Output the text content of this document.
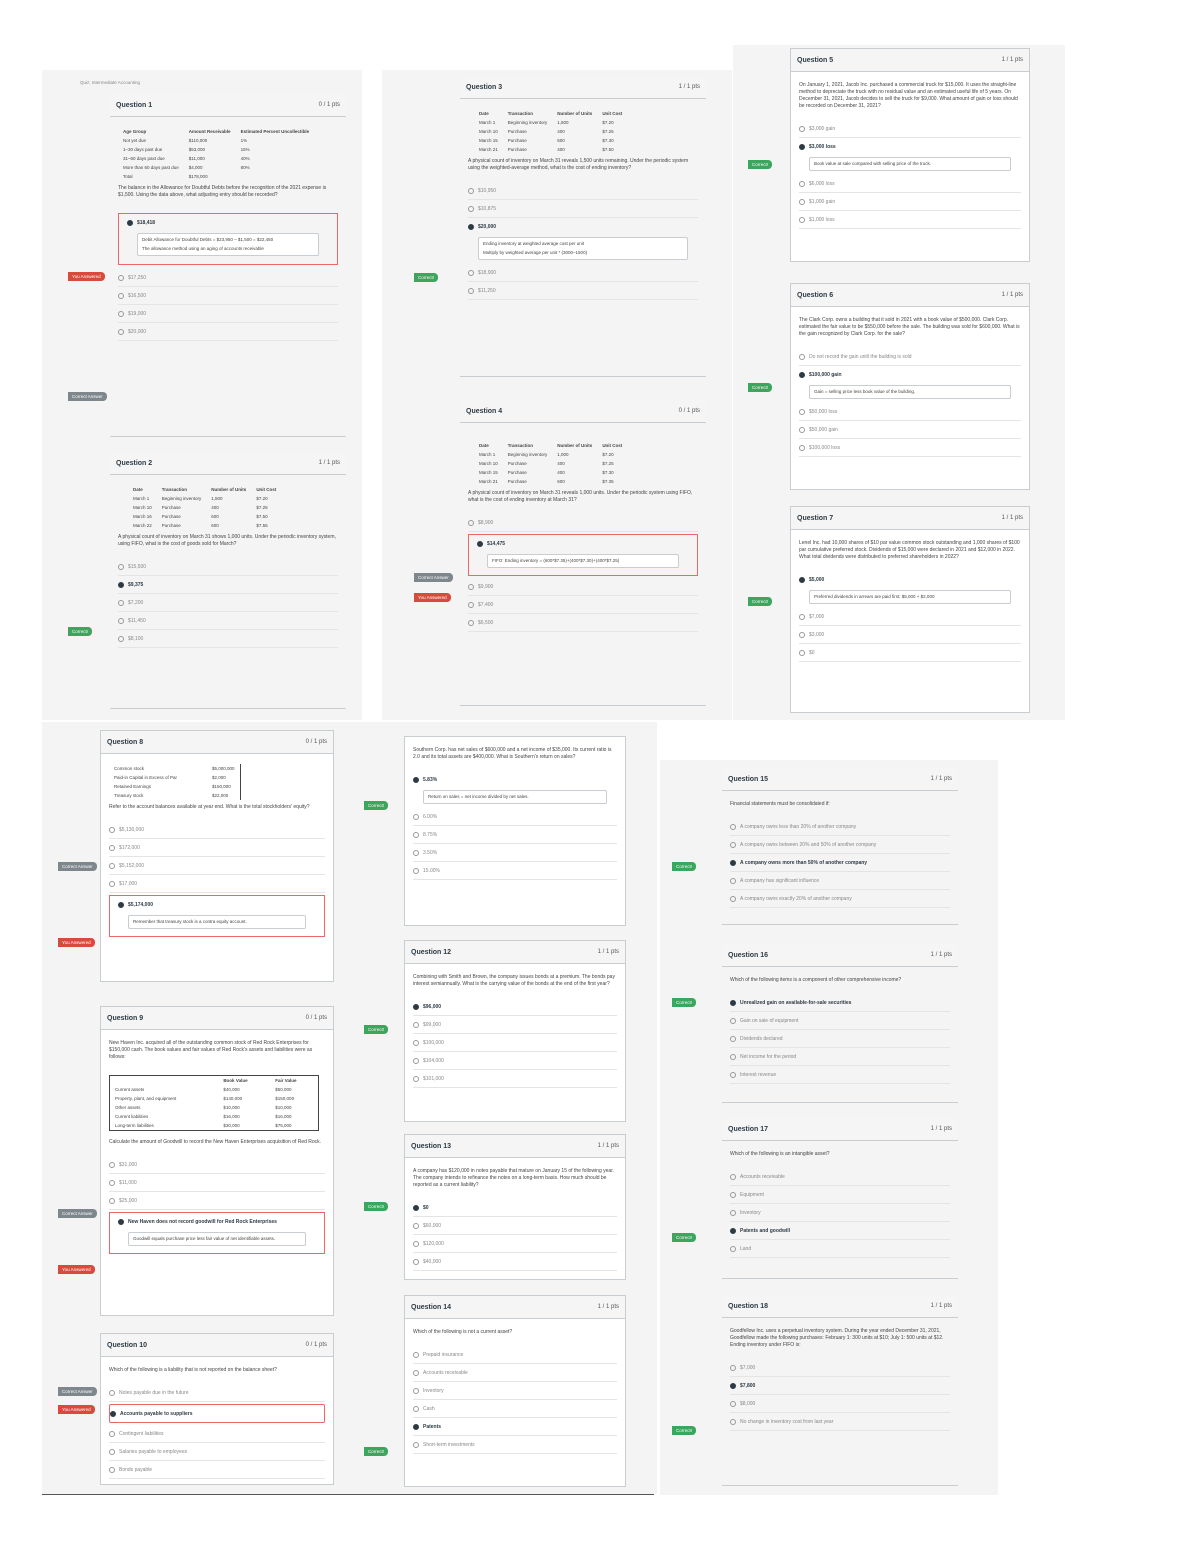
Quiz: Intermediate Accounting
Question 1	0 / 1 pts
Age Group	Amount Receivable	Estimated Percent Uncollectible
Not yet due	$110,000	1%
1–30 days past due	$53,000	15%
31–60 days past due	$11,000	40%
More than 60 days past due	$4,000	80%
Total	$178,000	
The balance in the Allowance for Doubtful Debts before the recognition of the 2021 expense is $1,500. Using the data above, what adjusting entry should be recorded?
$18,418
Debit Allowance for Doubtful Debts = $23,950 – $1,500 = $22,450
The allowance method using an aging of accounts receivable
$17,250
$16,500
$19,000
$20,000
You Answered
Correct Answer
Question 2	1 / 1 pts
Date	Transaction	Number of Units	Unit Cost
March 1	Beginning inventory	1,500	$7.20
March 10	Purchase	400	$7.25
March 16	Purchase	600	$7.50
March 22	Purchase	600	$7.55
A physical count of inventory on March 31 shows 1,000 units. Under the periodic inventory system, using FIFO, what is the cost of goods sold for March?
$15,500
$9,375
$7,200
$11,450
$8,100
Correct!
Question 3	1 / 1 pts
Date	Transaction	Number of Units	Unit Cost
March 1	Beginning inventory	1,500	$7.20
March 10	Purchase	400	$7.25
March 15	Purchase	600	$7.30
March 21	Purchase	400	$7.50
A physical count of inventory on March 31 reveals 1,500 units remaining. Under the periodic system using the weighted-average method, what is the cost of ending inventory?
$10,950
$10,875
$20,000
Ending inventory at weighted average cost per unit
Multiply by weighted average per unit * (3000–1500)
$18,900
$11,250
Correct!
Question 4	0 / 1 pts
Date	Transaction	Number of Units	Unit Cost
March 1	Beginning inventory	1,000	$7.20
March 10	Purchase	400	$7.25
March 15	Purchase	400	$7.30
March 21	Purchase	600	$7.35
A physical count of inventory on March 31 reveals 1,000 units. Under the periodic system using FIFO, what is the cost of ending inventory at March 31?
$8,900
$14,475
FIFO: Ending inventory = (600*$7.35)+(400*$7.30)+(400*$7.25)
$9,900
$7,400
$6,500
Correct Answer
You Answered
Question 5	1 / 1 pts
On January 1, 2021, Jacob Inc. purchased a commercial truck for $15,000. It uses the straight-line method to depreciate the truck with no residual value and an estimated useful life of 5 years. On December 31, 2021, Jacob decides to sell the truck for $9,000. What amount of gain or loss should be recorded on December 31, 2021?
$3,000 gain
$3,000 loss
Book value at sale compared with selling price of the truck.
$6,000 loss
$1,000 gain
$1,000 loss
Correct!
Question 6	1 / 1 pts
The Clark Corp. owns a building that it sold in 2021 with a book value of $500,000. Clark Corp. estimated the fair value to be $550,000 before the sale. The building was sold for $600,000. What is the gain recognized by Clark Corp. for the sale?
Do not record the gain until the building is sold
$100,000 gain
Gain = selling price less book value of the building.
$50,000 loss
$50,000 gain
$100,000 loss
Correct!
Question 7	1 / 1 pts
Lenel Inc. had 10,000 shares of $10 par value common stock outstanding and 1,000 shares of $100 par cumulative preferred stock. Dividends of $15,000 were declared in 2021 and $12,000 in 2022. What total dividends were distributed to preferred shareholders in 2022?
$5,000
Preferred dividends in arrears are paid first: $5,000 + $2,000
$7,000
$3,000
$0
Correct!
Question 8	0 / 1 pts
Common stock	$5,000,000
Paid-in Capital in Excess of Par	$2,000
Retained Earnings	$150,000
Treasury stock	$22,000
Refer to the account balances available at year end. What is the total stockholders' equity?
$5,130,000
$172,000
$5,152,000
$17,000
$5,174,000
Remember that treasury stock is a contra equity account.
Correct Answer
You Answered
Question 9	0 / 1 pts
New Haven Inc. acquired all of the outstanding common stock of Red Rock Enterprises for $150,000 cash. The book values and fair values of Red Rock's assets and liabilities were as follows:
	Book Value	Fair Value
Current assets	$40,000	$50,000
Property, plant, and equipment	$140,000	$150,000
Other assets	$10,000	$10,000
Current liabilities	$16,000	$16,000
Long-term liabilities	$30,000	$75,000
Calculate the amount of Goodwill to record the New Haven Enterprises acquisition of Red Rock.
$31,000
$11,000
$25,000
New Haven does not record goodwill for Red Rock Enterprises
Goodwill equals purchase price less fair value of net identifiable assets.
Correct Answer
You Answered
Question 10	0 / 1 pts
Which of the following is a liability that is not reported on the balance sheet?
Notes payable due in the future
Accounts payable to suppliers
Contingent liabilities
Salaries payable to employees
Bonds payable
Correct Answer
You Answered
Southern Corp. has net sales of $600,000 and a net income of $35,000. Its current ratio is 2.0 and its total assets are $400,000. What is Southern's return on sales?
5.83%
Return on sales = net income divided by net sales.
6.00%
8.75%
3.50%
15.00%
Correct!
Question 12	1 / 1 pts
Combining with Smith and Brown, the company issues bonds at a premium. The bonds pay interest semiannually. What is the carrying value of the bonds at the end of the first year?
$96,000
$99,000
$100,000
$104,000
$101,000
Correct!
Question 13	1 / 1 pts
A company has $120,000 in notes payable that mature on January 15 of the following year. The company intends to refinance the notes on a long-term basis. How much should be reported as a current liability?
$0
$60,000
$120,000
$40,000
Correct!
Question 14	1 / 1 pts
Which of the following is not a current asset?
Prepaid insurance
Accounts receivable
Inventory
Cash
Patents
Short-term investments
Correct!
Question 15	1 / 1 pts
Financial statements must be consolidated if:
A company owns less than 20% of another company
A company owns between 20% and 50% of another company
A company owns more than 50% of another company
A company has significant influence
A company owns exactly 20% of another company
Correct!
Question 16	1 / 1 pts
Which of the following items is a component of other comprehensive income?
Unrealized gain on available-for-sale securities
Gain on sale of equipment
Dividends declared
Net income for the period
Interest revenue
Correct!
Question 17	1 / 1 pts
Which of the following is an intangible asset?
Accounts receivable
Equipment
Inventory
Patents and goodwill
Land
Correct!
Question 18	1 / 1 pts
Goodfellow Inc. uses a perpetual inventory system. During the year ended December 31, 2021, Goodfellow made the following purchases: February 1: 300 units at $10; July 1: 500 units at $12. Ending inventory under FIFO is:
$7,000
$7,800
$8,000
No change in inventory cost from last year
Correct!
